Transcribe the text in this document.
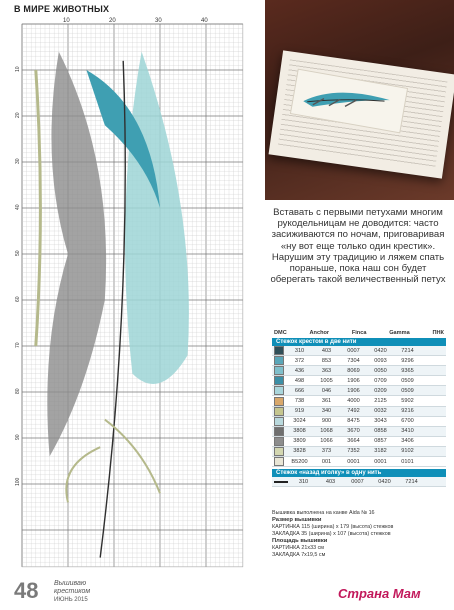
В МИРЕ ЖИВОТНЫХ
10	20	30	40
10
20
30
40
50
60
70
80
90
100
Вставать с первыми петухами многим рукодельницам не доводится: часто засиживаются по ночам, приговаривая «ну вот еще только один крестик». Нарушим эту традицию и ляжем спать пораньше, пока наш сон будет оберегать такой величественный петух
DMC	Anchor	Finca	Gamma	ПНК
Стежок крестом в две нити
310	403	0007	0420	7214
372	853	7304	0093	9296
436	363	8069	0050	9365
498	1005	1906	0709	0509
666	046	1906	0209	0509
738	361	4000	2125	5902
919	340	7492	0032	9216
3024	900	8475	3043	6700
3808	1068	3670	0858	3410
3809	1066	3664	0857	3406
3828	373	7352	3182	9102
B5200	001	0001	0001	0101
Стежок «назад иголку» в одну нить
310	403	0007	0420	7214
Вышивка выполнена на канве Aida № 16
Размер вышивки
КАРТИНКА 115 (ширина) х 179 (высота) стежков
ЗАКЛАДКА 35 (ширина) х 107 (высота) стежков
Площадь вышивки
КАРТИНКА 21х33 см
ЗАКЛАДКА 7х19,5 см
48 Вышиваю
крестиком
ИЮНЬ 2015	Страна Мам
